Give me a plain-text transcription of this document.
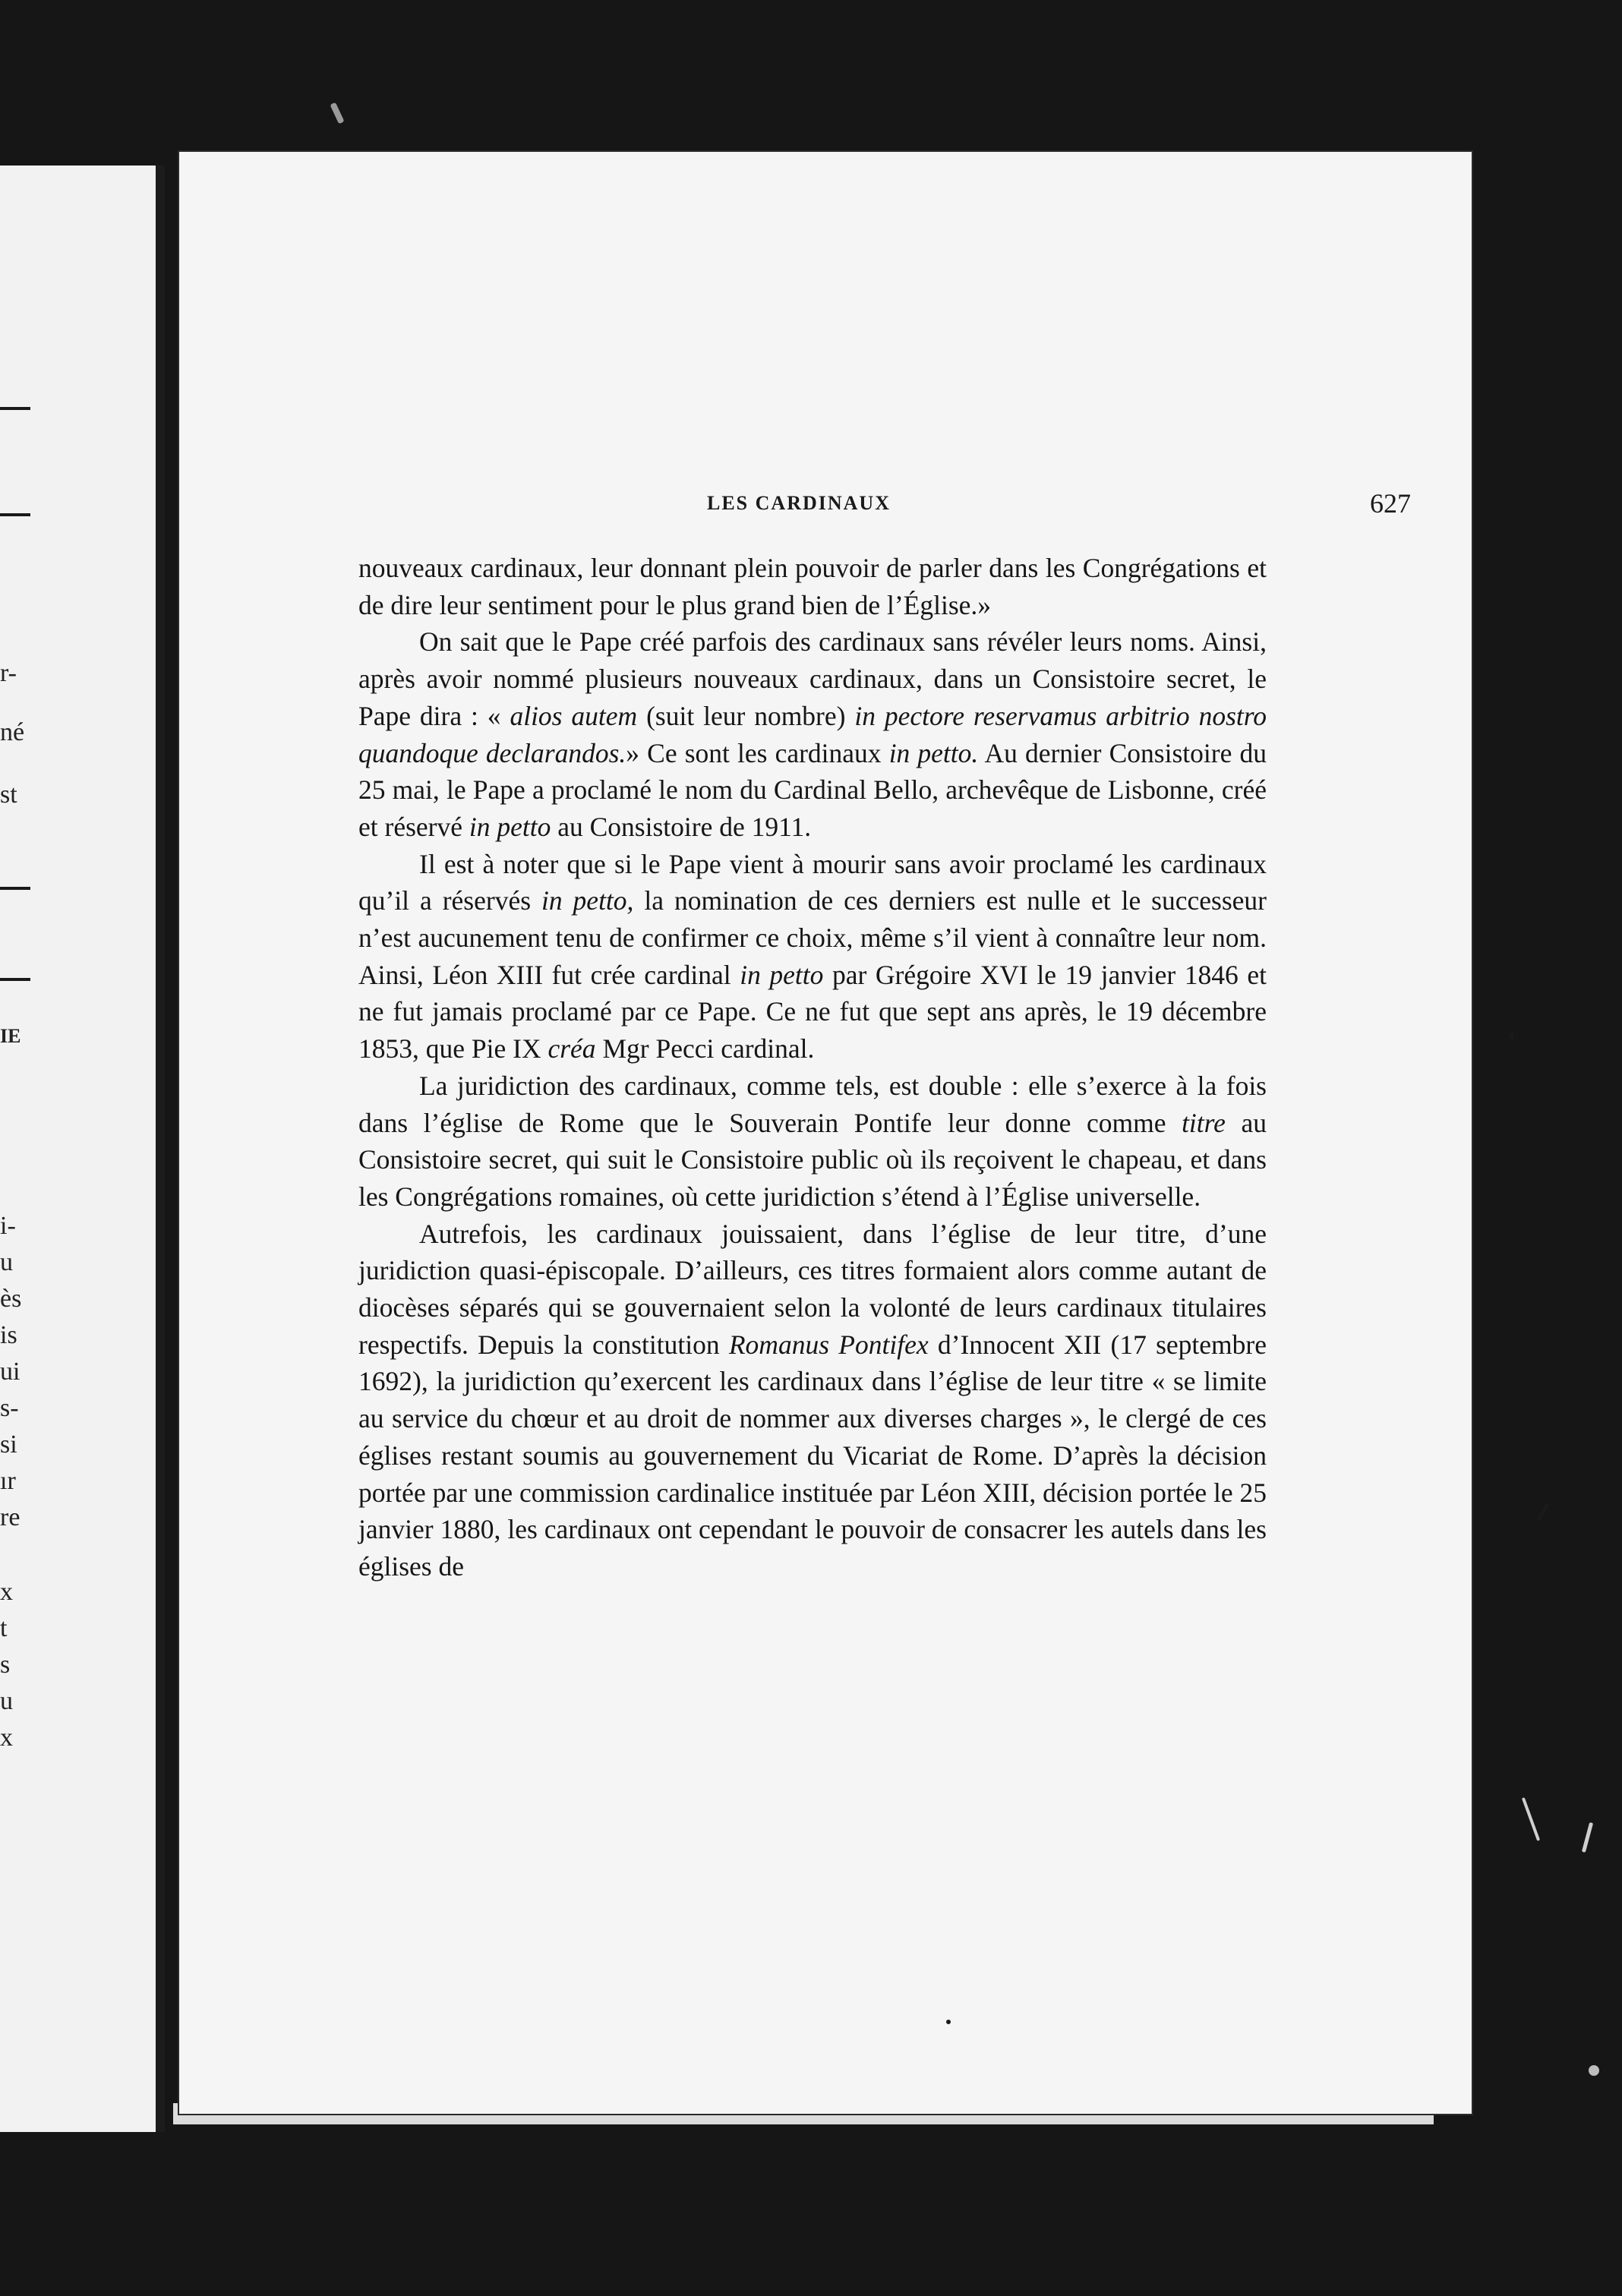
r-
né
st
IE
i-
u
ès
is
ui
s-
si
ır
re
x
t
s
u
x
LES CARDINAUX	627

nouveaux cardinaux, leur donnant plein pouvoir de parler dans les Congrégations et de dire leur sentiment pour le plus grand bien de l’Église.»

On sait que le Pape créé parfois des cardinaux sans révéler leurs noms. Ainsi, après avoir nommé plusieurs nouveaux cardinaux, dans un Consistoire secret, le Pape dira : « alios autem (suit leur nombre) in pectore reservamus arbitrio nostro quandoque declarandos.» Ce sont les cardinaux in petto. Au dernier Consistoire du 25 mai, le Pape a proclamé le nom du Cardinal Bello, archevêque de Lisbonne, créé et réservé in petto au Consistoire de 1911.

Il est à noter que si le Pape vient à mourir sans avoir proclamé les cardinaux qu’il a réservés in petto, la nomination de ces derniers est nulle et le successeur n’est aucunement tenu de confirmer ce choix, même s’il vient à connaître leur nom. Ainsi, Léon XIII fut crée cardinal in petto par Grégoire XVI le 19 janvier 1846 et ne fut jamais proclamé par ce Pape. Ce ne fut que sept ans après, le 19 décembre 1853, que Pie IX créa Mgr Pecci cardinal.

La juridiction des cardinaux, comme tels, est double : elle s’exerce à la fois dans l’église de Rome que le Souverain Pontife leur donne comme titre au Consistoire secret, qui suit le Consistoire public où ils reçoivent le chapeau, et dans les Congrégations romaines, où cette juridiction s’étend à l’Église universelle.

Autrefois, les cardinaux jouissaient, dans l’église de leur titre, d’une juridiction quasi-épiscopale. D’ailleurs, ces titres formaient alors comme autant de diocèses séparés qui se gouvernaient selon la volonté de leurs cardinaux titulaires respectifs. Depuis la constitution Romanus Pontifex d’Innocent XII (17 septembre 1692), la juridiction qu’exercent les cardinaux dans l’église de leur titre « se limite au service du chœur et au droit de nommer aux diverses charges », le clergé de ces églises restant soumis au gouvernement du Vicariat de Rome. D’après la décision portée par une commission cardinalice instituée par Léon XIII, décision portée le 25 janvier 1880, les cardinaux ont cependant le pouvoir de consacrer les autels dans les églises de
